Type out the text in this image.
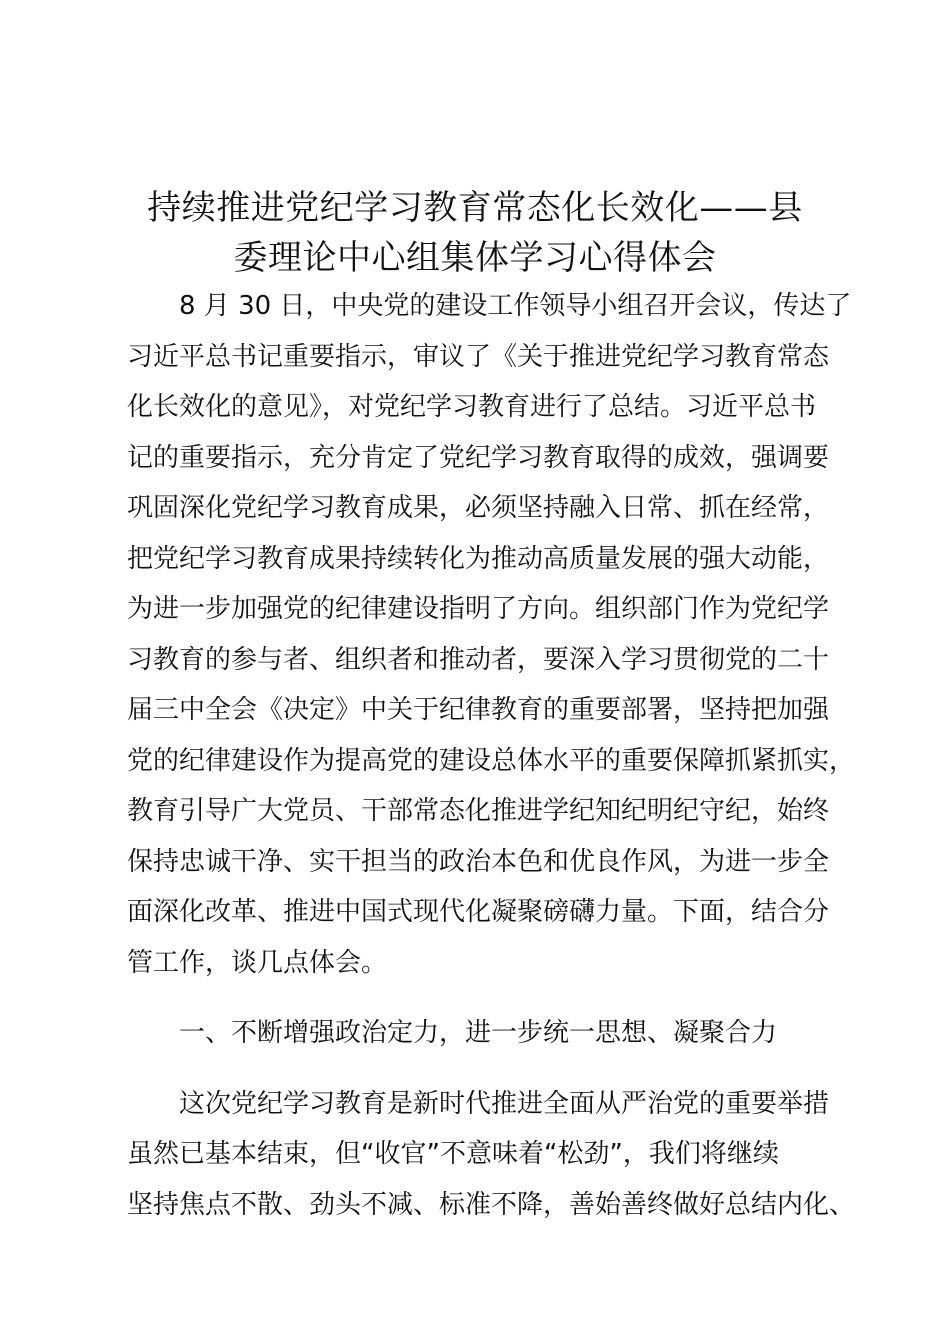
持续推进党纪学习教育常态化长效化——县
委理论中心组集体学习心得体会
8 月 30 日，中央党的建设工作领导小组召开会议，传达了
习近平总书记重要指示，审议了《关于推进党纪学习教育常态
化长效化的意见》，对党纪学习教育进行了总结。习近平总书
记的重要指示，充分肯定了党纪学习教育取得的成效，强调要
巩固深化党纪学习教育成果，必须坚持融入日常、抓在经常，
把党纪学习教育成果持续转化为推动高质量发展的强大动能，
为进一步加强党的纪律建设指明了方向。组织部门作为党纪学
习教育的参与者、组织者和推动者，要深入学习贯彻党的二十
届三中全会《决定》中关于纪律教育的重要部署，坚持把加强
党的纪律建设作为提高党的建设总体水平的重要保障抓紧抓实，
教育引导广大党员、干部常态化推进学纪知纪明纪守纪，始终
保持忠诚干净、实干担当的政治本色和优良作风，为进一步全
面深化改革、推进中国式现代化凝聚磅礴力量。下面，结合分
管工作，谈几点体会。
一、不断增强政治定力，进一步统一思想、凝聚合力
这次党纪学习教育是新时代推进全面从严治党的重要举措
虽然已基本结束，但“收官”不意味着“松劲”，我们将继续
坚持焦点不散、劲头不减、标准不降，善始善终做好总结内化、
